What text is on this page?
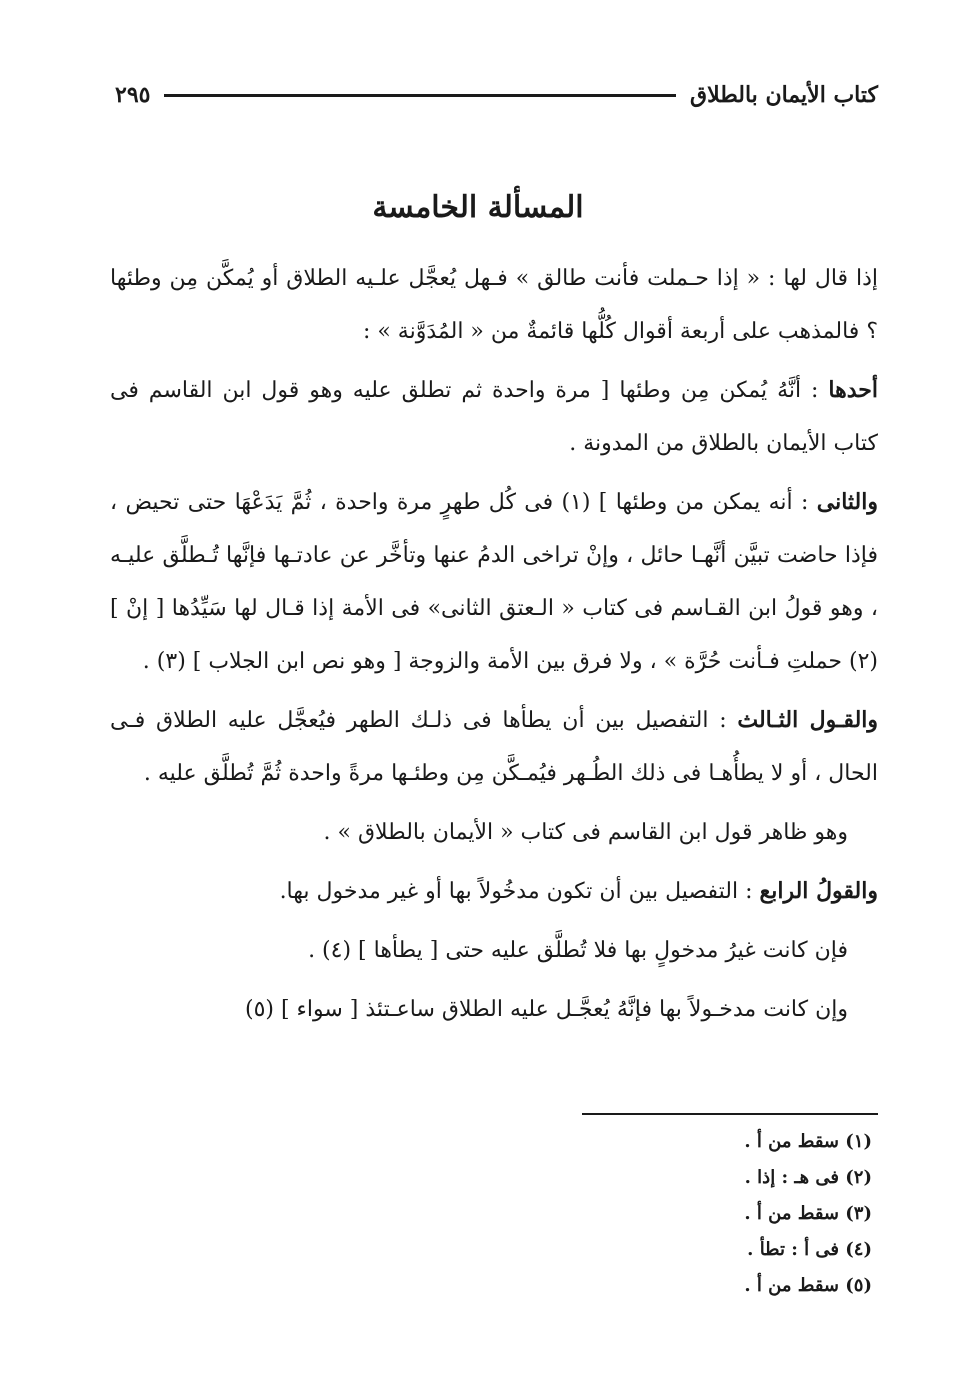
كتاب الأيمان بالطلاق
٢٩٥
المسألة الخامسة

إذا قال لها : « إذا حـملت فأنت طالق » فـهل يُعجَّل علـيه الطلاق أو يُمكَّن مِن وطئها ؟ فالمذهب على أربعة أقوال كُلُّها قائمةٌ من « المُدَوَّنة » :

أحدها : أنَّهُ يُمكن مِن وطئها [ مرة واحدة ثم تطلق عليه وهو قول ابن القاسم فى كتاب الأيمان بالطلاق من المدونة .

والثانى : أنه يمكن من وطئها ] (١) فى كُل طهرٍ مرة واحدة ، ثُمَّ يَدَعْهَا حتى تحيض ، فإذا حاضت تبيَّن أنَّهـا حائل ، وإنْ تراخى الدمُ عنها وتأخَّر عن عادتـها فإنَّها تُـطلَّق عليـه ، وهو قولُ ابن القـاسم فى كتاب « الـعتق الثانى» فى الأمة إذا قـال لها سَيِّدُها [ إنْ ] (٢) حملتِ فـأنت حُرَّة » ، ولا فرق بين الأمة والزوجة [ وهو نص ابن الجلاب ] (٣) .

والقـول الثـالث : التفصيل بين أن يطأها فى ذلـك الطهر فيُعجَّل عليه الطلاق فـى الحال ، أو لا يطأُهـا فى ذلك الطُـهر فيُمـكَّن مِن وطئـها مرةً واحدة ثُمَّ تُطلَّق عليه .

وهو ظاهر قول ابن القاسم فى كتاب « الأيمان بالطلاق » .

والقولُ الرابع : التفصيل بين أن تكون مدخُولاً بها أو غير مدخول بها.

فإن كانت غيرُ مدخولٍ بها فلا تُطلَّق عليه حتى [ يطأها ] (٤) .

وإن كانت مدخـولاً بها فإنَّهُ يُعجَّـل عليه الطلاق ساعـتئذ [ سواء ] (٥)

(١) سقط من أ .
(٢) فى هـ : إذا .
(٣) سقط من أ .
(٤) فى أ : تطأ .
(٥) سقط من أ .
